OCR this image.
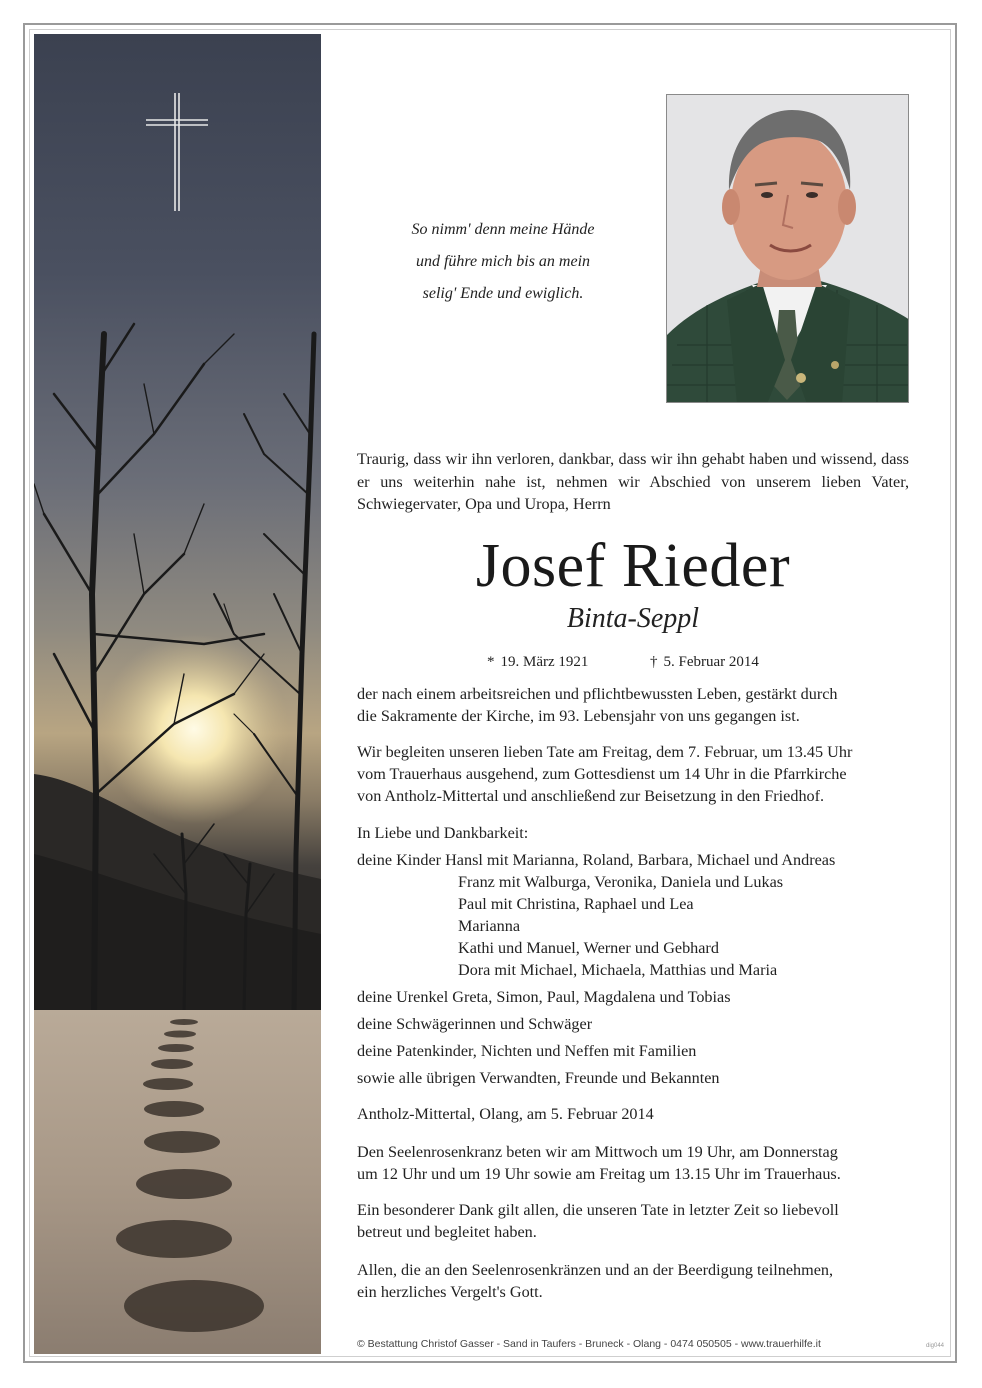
So nimm' denn meine Hände
und führe mich bis an mein
selig' Ende und ewiglich.
Traurig, dass wir ihn verloren, dankbar, dass wir ihn gehabt haben und wissend, dass er uns weiterhin nahe ist, nehmen wir Abschied von unserem lieben Vater, Schwiegervater, Opa und Uropa, Herrn
Josef Rieder
Binta-Seppl
* 19. März 1921	† 5. Februar 2014
der nach einem arbeitsreichen und pflichtbewussten Leben, gestärkt durch
die Sakramente der Kirche, im 93. Lebensjahr von uns gegangen ist.
Wir begleiten unseren lieben Tate am Freitag, dem 7. Februar, um 13.45 Uhr
vom Trauerhaus ausgehend, zum Gottesdienst um 14 Uhr in die Pfarrkirche
von Antholz-Mittertal und anschließend zur Beisetzung in den Friedhof.
In Liebe und Dankbarkeit:
deine Kinder Hansl mit Marianna, Roland, Barbara, Michael und Andreas
Franz mit Walburga, Veronika, Daniela und Lukas
Paul mit Christina, Raphael und Lea
Marianna
Kathi und Manuel, Werner und Gebhard
Dora mit Michael, Michaela, Matthias und Maria
deine Urenkel Greta, Simon, Paul, Magdalena und Tobias
deine Schwägerinnen und Schwäger
deine Patenkinder, Nichten und Neffen mit Familien
sowie alle übrigen Verwandten, Freunde und Bekannten
Antholz-Mittertal, Olang, am 5. Februar 2014
Den Seelenrosenkranz beten wir am Mittwoch um 19 Uhr, am Donnerstag
um 12 Uhr und um 19 Uhr sowie am Freitag um 13.15 Uhr im Trauerhaus.
Ein besonderer Dank gilt allen, die unseren Tate in letzter Zeit so liebevoll
betreut und begleitet haben.
Allen, die an den Seelenrosenkränzen und an der Beerdigung teilnehmen,
ein herzliches Vergelt's Gott.
© Bestattung Christof Gasser - Sand in Taufers - Bruneck - Olang - 0474 050505 - www.trauerhilfe.it	dig044
